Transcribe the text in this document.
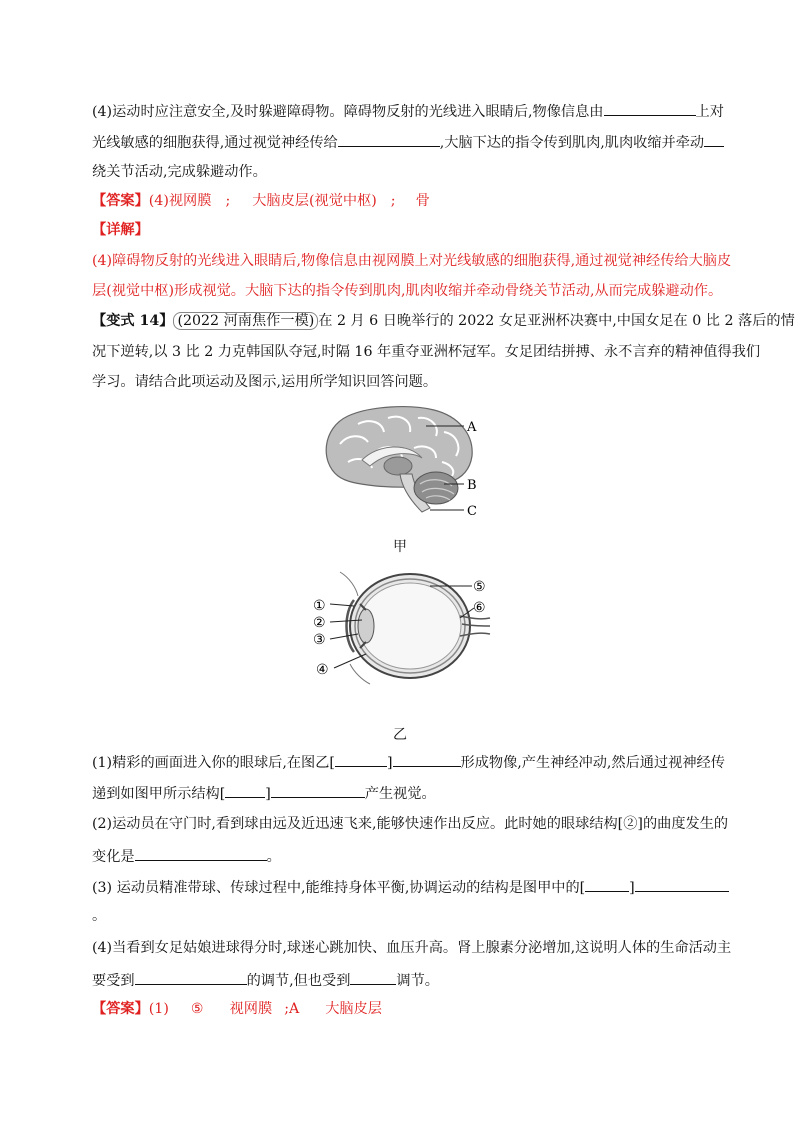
(4)运动时应注意安全,及时躲避障碍物。障碍物反射的光线进入眼睛后,物像信息由	上对
光线敏感的细胞获得,通过视觉神经传给	,大脑下达的指令传到肌肉,肌肉收缩并牵动
绕关节活动,完成躲避动作。
【答案】(4)视网膜 ; 大脑皮层(视觉中枢) ; 骨
【详解】
(4)障碍物反射的光线进入眼睛后,物像信息由视网膜上对光线敏感的细胞获得,通过视觉神经传给大脑皮
层(视觉中枢)形成视觉。大脑下达的指令传到肌肉,肌肉收缩并牵动骨绕关节活动,从而完成躲避动作。
【变式 14】 (2022 河南焦作一模) 在 2 月 6 日晚举行的 2022 女足亚洲杯决赛中,中国女足在 0 比 2 落后的情
况下逆转,以 3 比 2 力克韩国队夺冠,时隔 16 年重夺亚洲杯冠军。女足团结拼搏、永不言弃的精神值得我们
学习。请结合此项运动及图示,运用所学知识回答问题。
A
B
C
甲
①
②
③
④
⑤
⑥
乙
(1)精彩的画面进入你的眼球后,在图乙[	]	形成物像,产生神经冲动,然后通过视神经传
递到如图甲所示结构[	]	产生视觉。
(2)运动员在守门时,看到球由远及近迅速飞来,能够快速作出反应。此时她的眼球结构[②]的曲度发生的
变化是	。
(3) 运动员精准带球、传球过程中,能维持身体平衡,协调运动的结构是图甲中的[	]
。
(4)当看到女足姑娘进球得分时,球迷心跳加快、血压升高。肾上腺素分泌增加,这说明人体的生命活动主
要受到	的调节,但也受到	调节。
【答案】(1) ⑤ 视网膜 ;A 大脑皮层
